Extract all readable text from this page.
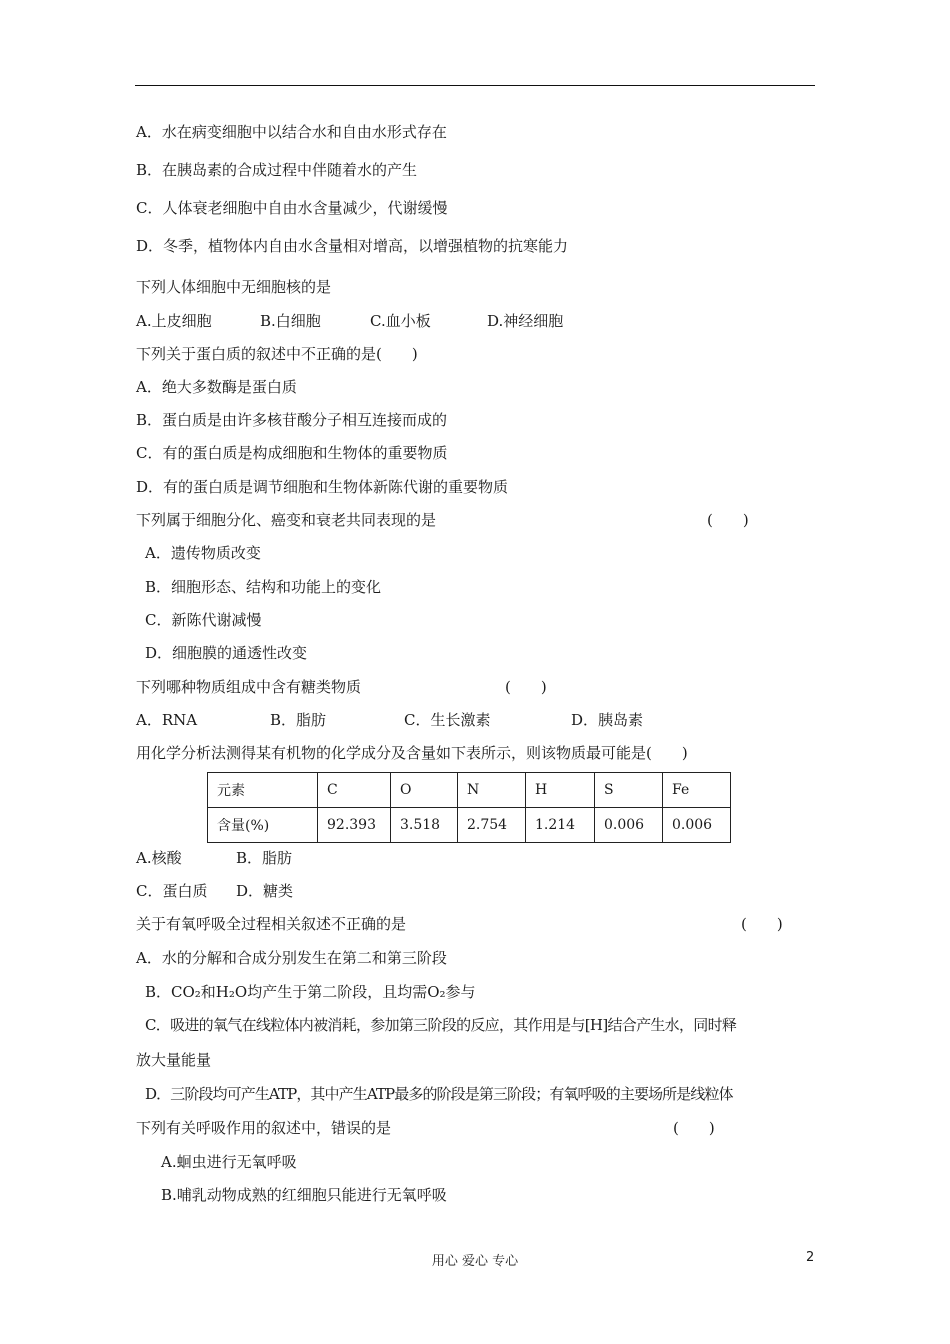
A．水在病变细胞中以结合水和自由水形式存在
B．在胰岛素的合成过程中伴随着水的产生
C．人体衰老细胞中自由水含量减少，代谢缓慢
D．冬季，植物体内自由水含量相对增高，以增强植物的抗寒能力
下列人体细胞中无细胞核的是
A.上皮细胞	B.白细胞	C.血小板	D.神经细胞
下列关于蛋白质的叙述中不正确的是(　　)
A．绝大多数酶是蛋白质
B．蛋白质是由许多核苷酸分子相互连接而成的
C．有的蛋白质是构成细胞和生物体的重要物质
D．有的蛋白质是调节细胞和生物体新陈代谢的重要物质
下列属于细胞分化、癌变和衰老共同表现的是	(　　)
A．遗传物质改变
B．细胞形态、结构和功能上的变化
C．新陈代谢减慢
D．细胞膜的通透性改变
下列哪种物质组成中含有糖类物质	(　　)
A．RNA	B．脂肪	C．生长激素	D．胰岛素
用化学分析法测得某有机物的化学成分及含量如下表所示，则该物质最可能是(　　)
元素	C	O	N	H	S	Fe
含量(%)	92.393	3.518	2.754	1.214	0.006	0.006
A.核酸	B．脂肪
C．蛋白质 D．糖类
关于有氧呼吸全过程相关叙述不正确的是	(　　)
A．水的分解和合成分别发生在第二和第三阶段
B．CO₂和H₂O均产生于第二阶段，且均需O₂参与
C．吸进的氧气在线粒体内被消耗，参加第三阶段的反应，其作用是与[H]结合产生水，同时释
放大量能量
D．三阶段均可产生ATP，其中产生ATP最多的阶段是第三阶段；有氧呼吸的主要场所是线粒体
下列有关呼吸作用的叙述中，错误的是	(　　)
A.蛔虫进行无氧呼吸
B.哺乳动物成熟的红细胞只能进行无氧呼吸
用心 爱心 专心	2
